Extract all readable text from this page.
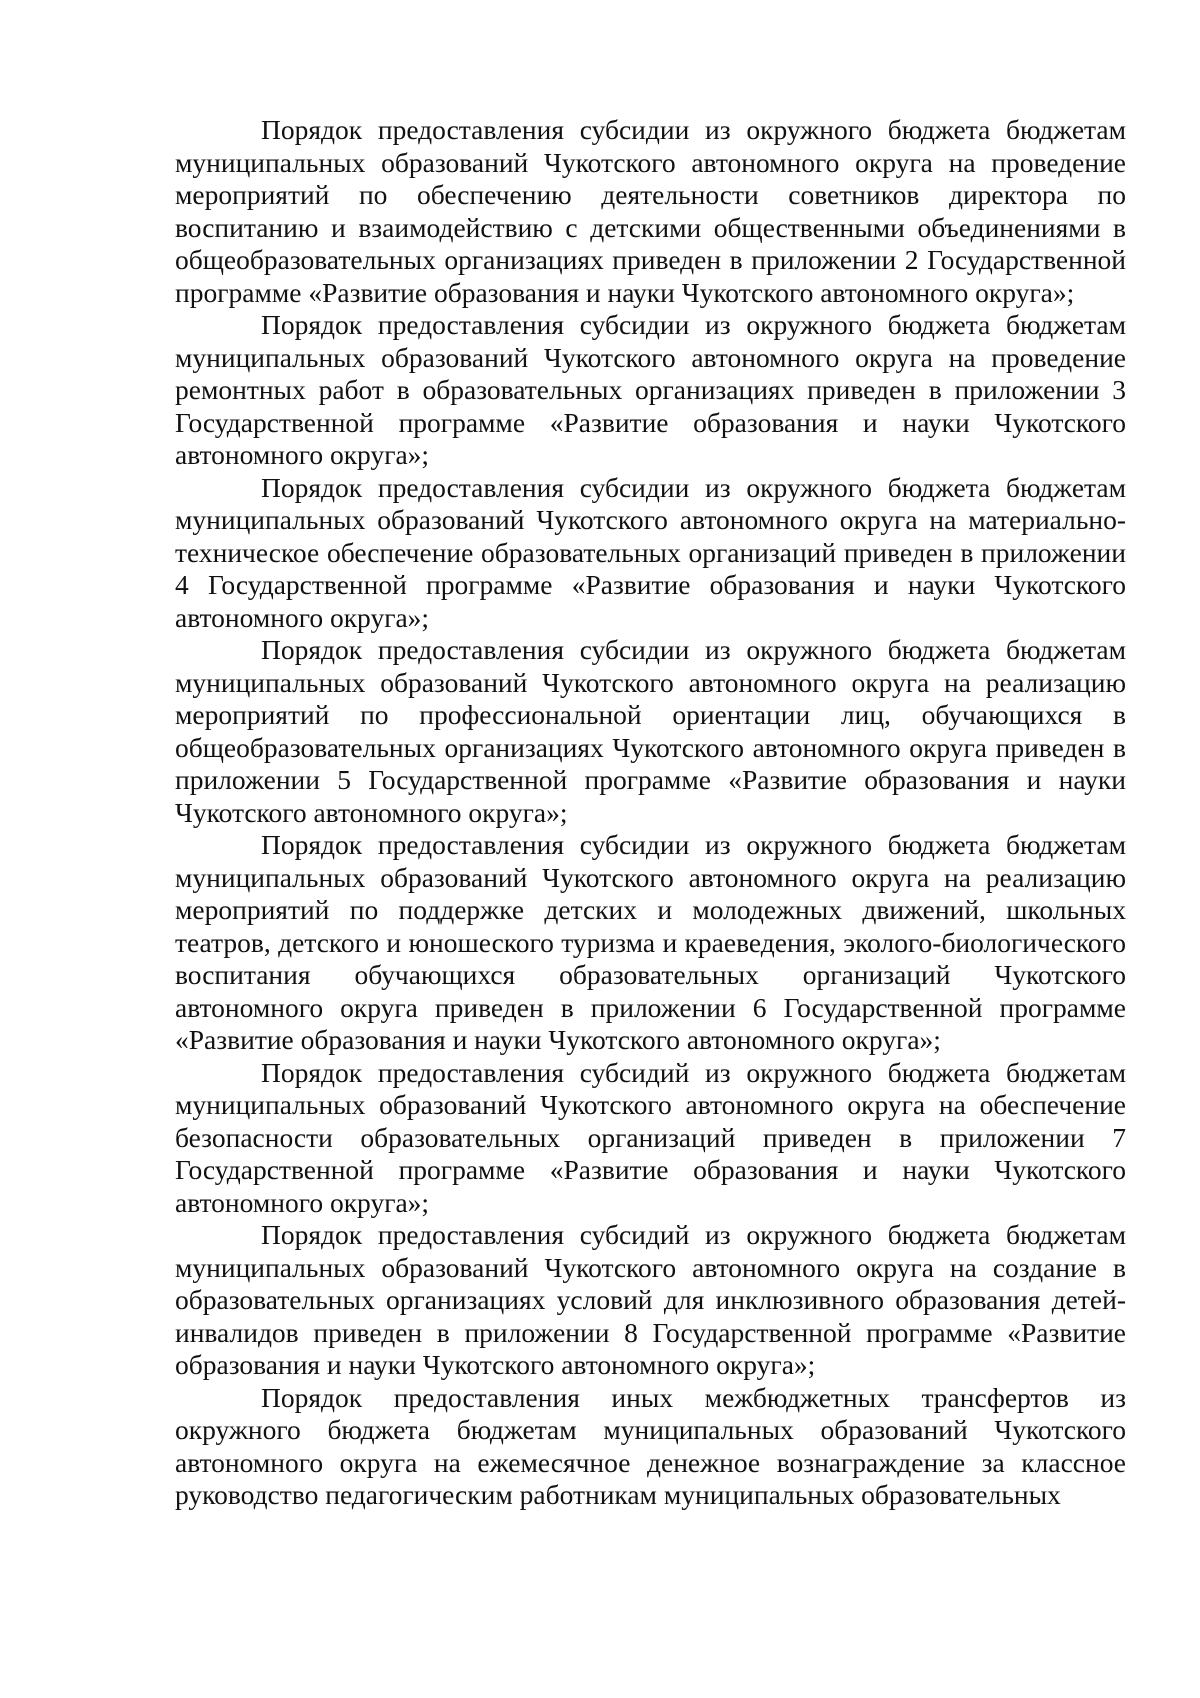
Порядок предоставления субсидии из окружного бюджета бюджетам муниципальных образований Чукотского автономного округа на проведение мероприятий по обеспечению деятельности советников директора по воспитанию и взаимодействию с детскими общественными объединениями в общеобразовательных организациях приведен в приложении 2 Государственной программе «Развитие образования и науки Чукотского автономного округа»;

Порядок предоставления субсидии из окружного бюджета бюджетам муниципальных образований Чукотского автономного округа на проведение ремонтных работ в образовательных организациях приведен в приложении 3 Государственной программе «Развитие образования и науки Чукотского автономного округа»;

Порядок предоставления субсидии из окружного бюджета бюджетам муниципальных образований Чукотского автономного округа на материально-техническое обеспечение образовательных организаций приведен в приложении 4 Государственной программе «Развитие образования и науки Чукотского автономного округа»;

Порядок предоставления субсидии из окружного бюджета бюджетам муниципальных образований Чукотского автономного округа на реализацию мероприятий по профессиональной ориентации лиц, обучающихся в общеобразовательных организациях Чукотского автономного округа приведен в приложении 5 Государственной программе «Развитие образования и науки Чукотского автономного округа»;

Порядок предоставления субсидии из окружного бюджета бюджетам муниципальных образований Чукотского автономного округа на реализацию мероприятий по поддержке детских и молодежных движений, школьных театров, детского и юношеского туризма и краеведения, эколого-биологического воспитания обучающихся образовательных организаций Чукотского автономного округа приведен в приложении 6 Государственной программе «Развитие образования и науки Чукотского автономного округа»;

Порядок предоставления субсидий из окружного бюджета бюджетам муниципальных образований Чукотского автономного округа на обеспечение безопасности образовательных организаций приведен в приложении 7 Государственной программе «Развитие образования и науки Чукотского автономного округа»;

Порядок предоставления субсидий из окружного бюджета бюджетам муниципальных образований Чукотского автономного округа на создание в образовательных организациях условий для инклюзивного образования детей-инвалидов приведен в приложении 8 Государственной программе «Развитие образования и науки Чукотского автономного округа»;

Порядок предоставления иных межбюджетных трансфертов из окружного бюджета бюджетам муниципальных образований Чукотского автономного округа на ежемесячное денежное вознаграждение за классное руководство педагогическим работникам муниципальных образовательных
